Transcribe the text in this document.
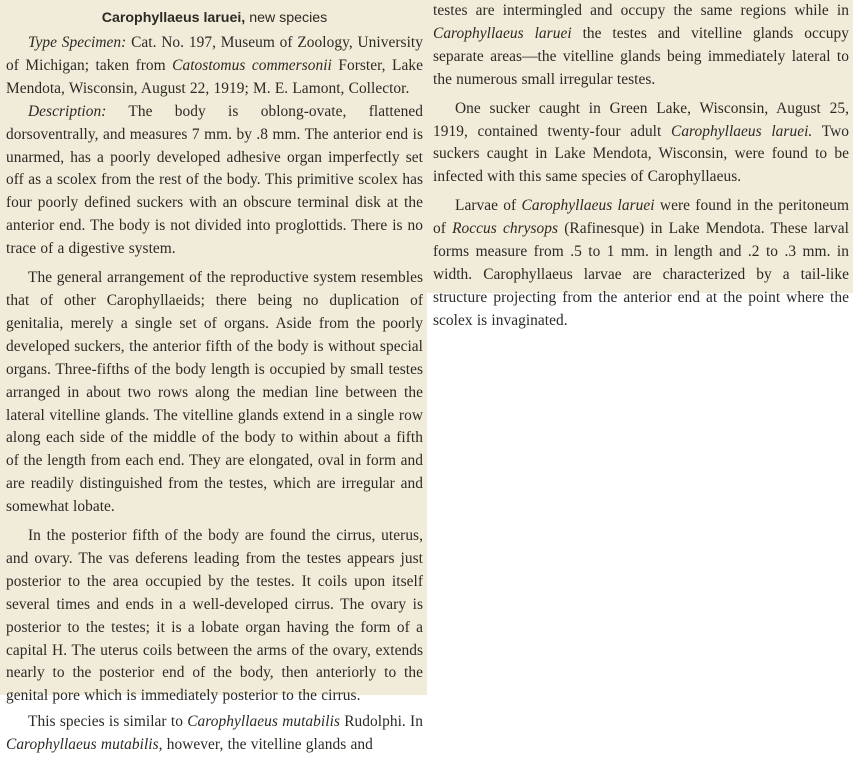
Carophyllaeus laruei, new species

Type Specimen: Cat. No. 197, Museum of Zoology, University of Michigan; taken from Catostomus commersonii Forster, Lake Mendota, Wisconsin, August 22, 1919; M. E. Lamont, Collector.

Description: The body is oblong-ovate, flattened dorsoventrally, and measures 7 mm. by .8 mm. The anterior end is unarmed, has a poorly developed adhesive organ imperfectly set off as a scolex from the rest of the body. This primitive scolex has four poorly defined suckers with an obscure terminal disk at the anterior end. The body is not divided into proglottids. There is no trace of a digestive system.

The general arrangement of the reproductive system resembles that of other Carophyllaeids; there being no duplication of genitalia, merely a single set of organs. Aside from the poorly developed suckers, the anterior fifth of the body is without special organs. Three-fifths of the body length is occupied by small testes arranged in about two rows along the median line between the lateral vitelline glands. The vitelline glands extend in a single row along each side of the middle of the body to within about a fifth of the length from each end. They are elongated, oval in form and are readily distinguished from the testes, which are irregular and somewhat lobate.

In the posterior fifth of the body are found the cirrus, uterus, and ovary. The vas deferens leading from the testes appears just posterior to the area occupied by the testes. It coils upon itself several times and ends in a well-developed cirrus. The ovary is posterior to the testes; it is a lobate organ having the form of a capital H. The uterus coils between the arms of the ovary, extends nearly to the posterior end of the body, then anteriorly to the genital pore which is immediately posterior to the cirrus.

This species is similar to Carophyllaeus mutabilis Rudolphi. In Carophyllaeus mutabilis, however, the vitelline glands and

testes are intermingled and occupy the same regions while in Carophyllaeus laruei the testes and vitelline glands occupy separate areas—the vitelline glands being immediately lateral to the numerous small irregular testes.

One sucker caught in Green Lake, Wisconsin, August 25, 1919, contained twenty-four adult Carophyllaeus laruei. Two suckers caught in Lake Mendota, Wisconsin, were found to be infected with this same species of Carophyllaeus.

Larvae of Carophyllaeus laruei were found in the peritoneum of Roccus chrysops (Rafinesque) in Lake Mendota. These larval forms measure from .5 to 1 mm. in length and .2 to .3 mm. in width. Carophyllaeus larvae are characterized by a tail-like structure projecting from the anterior end at the point where the scolex is invaginated.
